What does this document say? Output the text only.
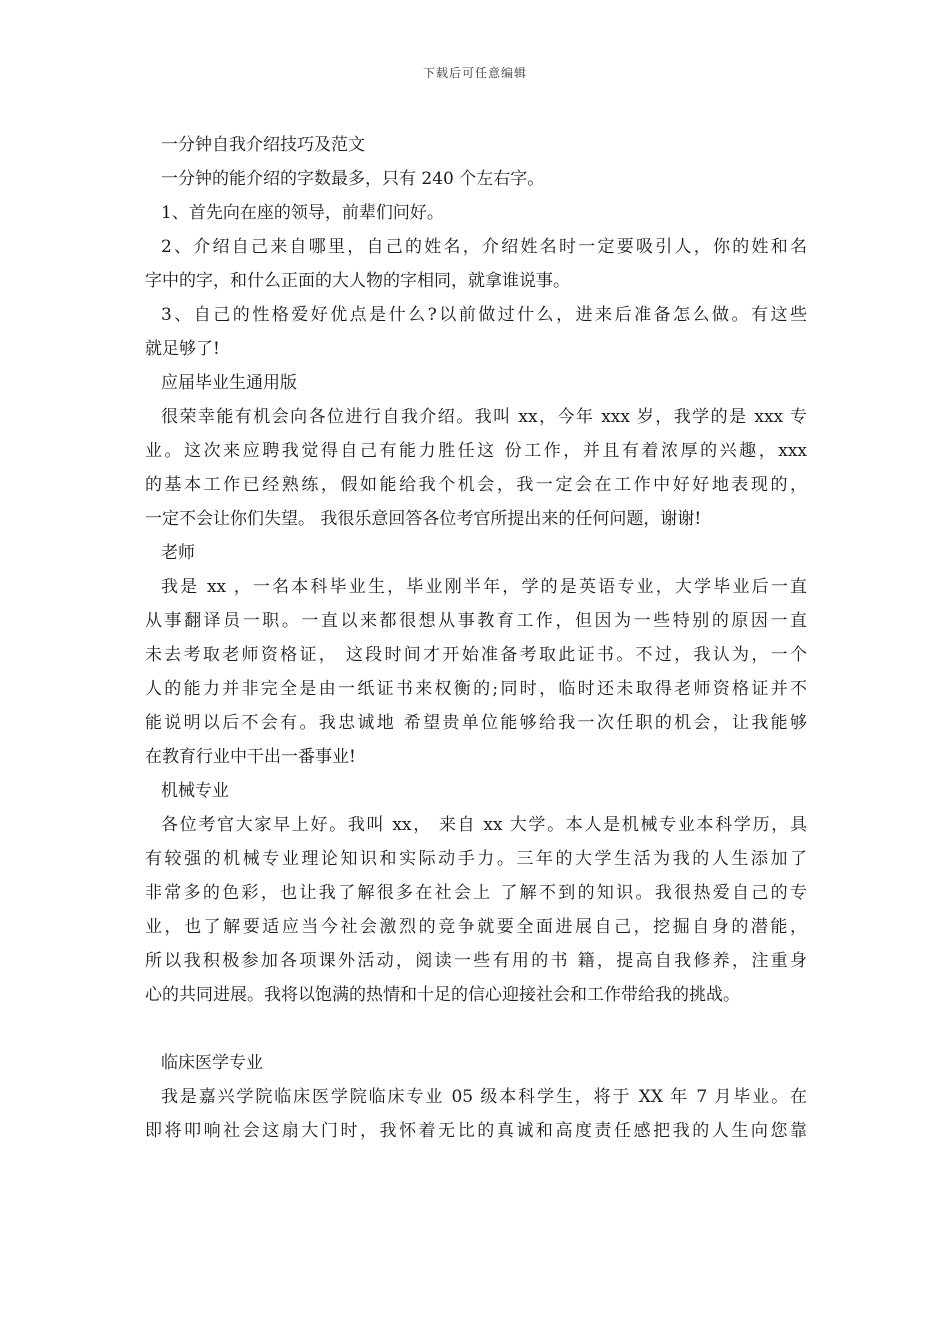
下载后可任意编辑
一分钟自我介绍技巧及范文
一分钟的能介绍的字数最多，只有 240 个左右字。
1、首先向在座的领导，前辈们问好。
2、介绍自己来自哪里，自己的姓名，介绍姓名时一定要吸引人，你的姓和名
字中的字，和什么正面的大人物的字相同，就拿谁说事。
3、自己的性格爱好优点是什么?以前做过什么，进来后准备怎么做。有这些
就足够了!
应届毕业生通用版
很荣幸能有机会向各位进行自我介绍。我叫 xx，今年 xxx 岁，我学的是 xxx 专
业。这次来应聘我觉得自己有能力胜任这 份工作，并且有着浓厚的兴趣，xxx
的基本工作已经熟练，假如能给我个机会，我一定会在工作中好好地表现的，
一定不会让你们失望。 我很乐意回答各位考官所提出来的任何问题，谢谢!
老师
我是 xx ，一名本科毕业生，毕业刚半年，学的是英语专业，大学毕业后一直
从事翻译员一职。一直以来都很想从事教育工作，但因为一些特别的原因一直
未去考取老师资格证， 这段时间才开始准备考取此证书。不过，我认为，一个
人的能力并非完全是由一纸证书来权衡的;同时，临时还未取得老师资格证并不
能说明以后不会有。我忠诚地 希望贵单位能够给我一次任职的机会，让我能够
在教育行业中干出一番事业!
机械专业
各位考官大家早上好。我叫 xx， 来自 xx 大学。本人是机械专业本科学历，具
有较强的机械专业理论知识和实际动手力。三年的大学生活为我的人生添加了
非常多的色彩，也让我了解很多在社会上 了解不到的知识。我很热爱自己的专
业，也了解要适应当今社会激烈的竞争就要全面进展自己，挖掘自身的潜能，
所以我积极参加各项课外活动，阅读一些有用的书 籍，提高自我修养，注重身
心的共同进展。我将以饱满的热情和十足的信心迎接社会和工作带给我的挑战。
临床医学专业
我是嘉兴学院临床医学院临床专业 05 级本科学生，将于 XX 年 7 月毕业。在
即将叩响社会这扇大门时，我怀着无比的真诚和高度责任感把我的人生向您靠
